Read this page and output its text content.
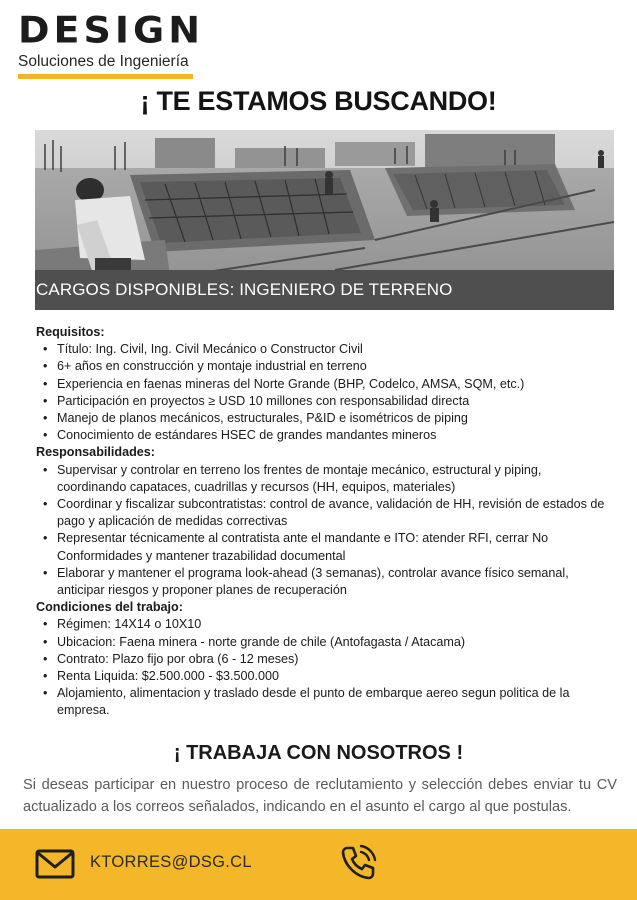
DESIGN
Soluciones de Ingeniería
¡ TE ESTAMOS BUSCANDO!
CARGOS DISPONIBLES: INGENIERO DE TERRENO
Requisitos:
• Título: Ing. Civil, Ing. Civil Mecánico o Constructor Civil
• 6+ años en construcción y montaje industrial en terreno
• Experiencia en faenas mineras del Norte Grande (BHP, Codelco, AMSA, SQM, etc.)
• Participación en proyectos ≥ USD 10 millones con responsabilidad directa
• Manejo de planos mecánicos, estructurales, P&ID e isométricos de piping
• Conocimiento de estándares HSEC de grandes mandantes mineros
Responsabilidades:
• Supervisar y controlar en terreno los frentes de montaje mecánico, estructural y piping, coordinando capataces, cuadrillas y recursos (HH, equipos, materiales)
• Coordinar y fiscalizar subcontratistas: control de avance, validación de HH, revisión de estados de pago y aplicación de medidas correctivas
• Representar técnicamente al contratista ante el mandante e ITO: atender RFI, cerrar No Conformidades y mantener trazabilidad documental
• Elaborar y mantener el programa look-ahead (3 semanas), controlar avance físico semanal, anticipar riesgos y proponer planes de recuperación
Condiciones del trabajo:
• Régimen: 14X14 o 10X10
• Ubicacion: Faena minera - norte grande de chile (Antofagasta / Atacama)
• Contrato: Plazo fijo por obra (6 - 12 meses)
• Renta Liquida: $2.500.000 - $3.500.000
• Alojamiento, alimentacion y traslado desde el punto de embarque aereo segun politica de la empresa.
¡ TRABAJA CON NOSOTROS !
Si deseas participar en nuestro proceso de reclutamiento y selección debes enviar tu CV actualizado a los correos señalados, indicando en el asunto el cargo al que postulas.
KTORRES@DSG.CL
